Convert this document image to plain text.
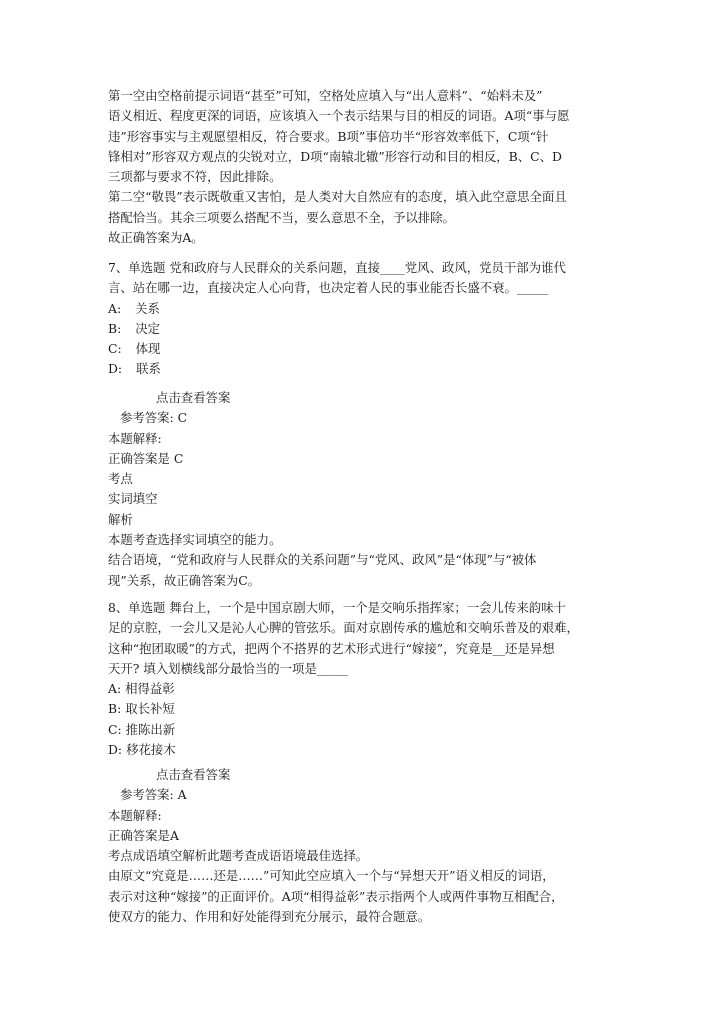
第一空由空格前提示词语“甚至”可知，空格处应填入与“出人意料”、“始料未及”
语义相近、程度更深的词语，应该填入一个表示结果与目的相反的词语。A项“事与愿
违”形容事实与主观愿望相反，符合要求。B项”事倍功半“形容效率低下，C项“针
锋相对”形容双方观点的尖锐对立，D项“南辕北辙”形容行动和目的相反，B、C、D
三项都与要求不符，因此排除。
第二空“敬畏”表示既敬重又害怕，是人类对大自然应有的态度，填入此空意思全面且
搭配恰当。其余三项要么搭配不当，要么意思不全，予以排除。
故正确答案为A。
7、单选题 党和政府与人民群众的关系问题，直接____党风、政风，党员干部为谁代
言、站在哪一边，直接决定人心向背，也决定着人民的事业能否长盛不衰。_____
A: 关系
B: 决定
C: 体现
D: 联系
点击查看答案
参考答案: C
本题解释:
正确答案是 C
考点
实词填空
解析
本题考查选择实词填空的能力。
结合语境，“党和政府与人民群众的关系问题”与“党风、政风”是“体现”与“被体
现”关系，故正确答案为C。
8、单选题 舞台上，一个是中国京剧大师，一个是交响乐指挥家；一会儿传来韵味十
足的京腔，一会儿又是沁人心脾的管弦乐。面对京剧传承的尴尬和交响乐普及的艰难，
这种“抱团取暖”的方式，把两个不搭界的艺术形式进行“嫁接”，究竟是__还是异想
天开? 填入划横线部分最恰当的一项是_____
A: 相得益彰
B: 取长补短
C: 推陈出新
D: 移花接木
点击查看答案
参考答案: A
本题解释:
正确答案是A
考点成语填空解析此题考查成语语境最佳选择。
由原文“究竟是……还是……”可知此空应填入一个与“异想天开”语义相反的词语，
表示对这种“嫁接”的正面评价。A项“相得益彰”表示指两个人或两件事物互相配合，
使双方的能力、作用和好处能得到充分展示，最符合题意。
